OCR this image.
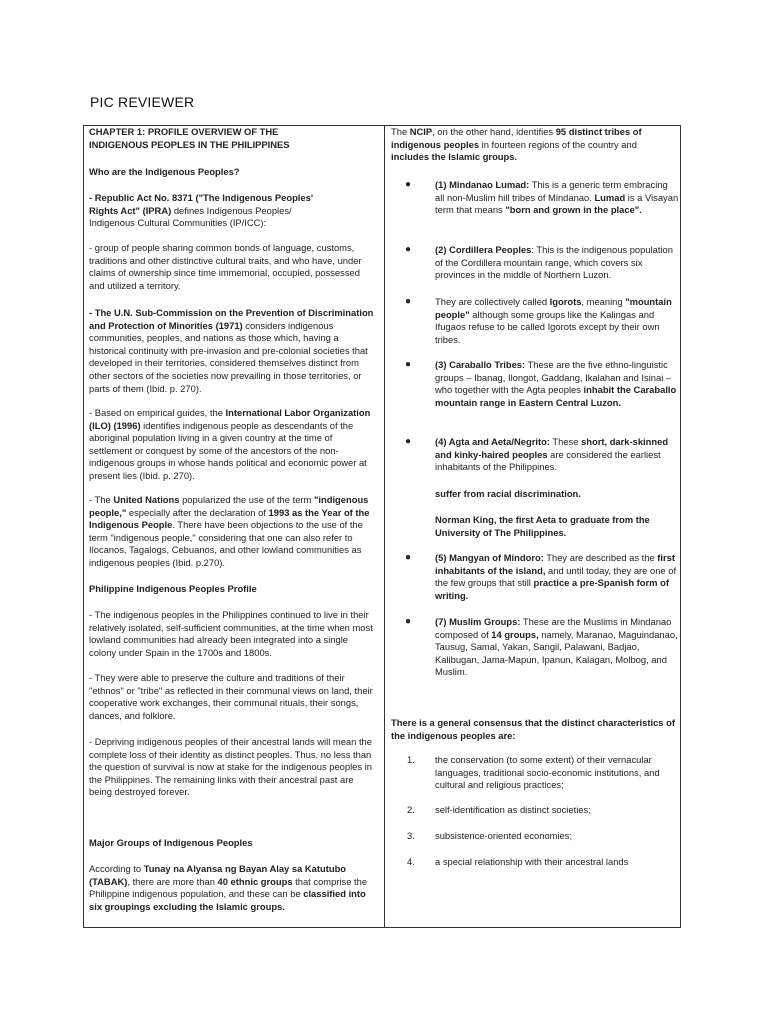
PIC REVIEWER

CHAPTER 1: PROFILE OVERVIEW OF THE INDIGENOUS PEOPLES IN THE PHILIPPINES

Who are the Indigenous Peoples?

- Republic Act No. 8371 ("The Indigenous Peoples' Rights Act" (IPRA) defines Indigenous Peoples/ Indigenous Cultural Communities (IP/ICC):

- group of people sharing common bonds of language, customs, traditions and other distinctive cultural traits, and who have, under claims of ownership since time immemorial, occupied, possessed and utilized a territory.

- The U.N. Sub-Commission on the Prevention of Discrimination and Protection of Minorities (1971) considers indigenous communities, peoples, and nations as those which, having a historical continuity with pre-invasion and pre-colonial societies that developed in their territories, considered themselves distinct from other sectors of the societies now prevailing in those territories, or parts of them (Ibid. p. 270).

- Based on empirical guides, the International Labor Organization (ILO) (1996) identifies indigenous people as descendants of the aboriginal population living in a given country at the time of settlement or conquest by some of the ancestors of the non-indigenous groups in whose hands political and economic power at present lies (Ibid. p. 270).

- The United Nations popularized the use of the term "indigenous people," especially after the declaration of 1993 as the Year of the Indigenous People. There have been objections to the use of the term "indigenous people," considering that one can also refer to Ilocanos, Tagalogs, Cebuanos, and other lowland communities as indigenous peoples (Ibid. p.270).

Philippine Indigenous Peoples Profile

- The indigenous peoples in the Philippines continued to live in their relatively isolated, self-sufficient communities, at the time when most lowland communities had already been integrated into a single colony under Spain in the 1700s and 1800s.

- They were able to preserve the culture and traditions of their "ethnos" or "tribe" as reflected in their communal views on land, their cooperative work exchanges, their communal rituals, their songs, dances, and folklore.

- Depriving indigenous peoples of their ancestral lands will mean the complete loss of their identity as distinct peoples. Thus, no less than the question of survival is now at stake for the indigenous peoples in the Philippines. The remaining links with their ancestral past are being destroyed forever.

Major Groups of Indigenous Peoples

According to Tunay na Alyansa ng Bayan Alay sa Katutubo (TABAK), there are more than 40 ethnic groups that comprise the Philippine indigenous population, and these can be classified into six groupings excluding the Islamic groups.

The NCIP, on the other hand, identifies 95 distinct tribes of indigenous peoples in fourteen regions of the country and includes the Islamic groups.

●	(1) Mindanao Lumad: This is a generic term embracing all non-Muslim hill tribes of Mindanao. Lumad is a Visayan term that means "born and grown in the place".

●	(2) Cordillera Peoples: This is the indigenous population of the Cordillera mountain range, which covers six provinces in the middle of Northern Luzon.

●	They are collectively called Igorots, meaning "mountain people" although some groups like the Kalingas and Ifugaos refuse to be called Igorots except by their own tribes.

●	(3) Caraballo Tribes: These are the five ethno-linguistic groups – Ibanag, Ilongot, Gaddang, Ikalahan and Isinai – who together with the Agta peoples inhabit the Caraballo mountain range in Eastern Central Luzon.

●	(4) Agta and Aeta/Negrito: These short, dark-skinned and kinky-haired peoples are considered the earliest inhabitants of the Philippines.

suffer from racial discrimination.

Norman King, the first Aeta to graduate from the University of The Philippines.

●	(5) Mangyan of Mindoro: They are described as the first inhabitants of the island, and until today, they are one of the few groups that still practice a pre-Spanish form of writing.

●	(7) Muslim Groups: These are the Muslims in Mindanao composed of 14 groups, namely, Maranao, Maguindanao, Tausug, Samal, Yakan, Sangil, Palawani, Badjao, Kalibugan, Jama-Mapun, Ipanun, Kalagan, Molbog, and Muslim.

There is a general consensus that the distinct characteristics of the indigenous peoples are:

1. the conservation (to some extent) of their vernacular languages, traditional socio-economic institutions, and cultural and religious practices;

2. self-identification as distinct societies;

3. subsistence-oriented economies;

4. a special relationship with their ancestral lands
